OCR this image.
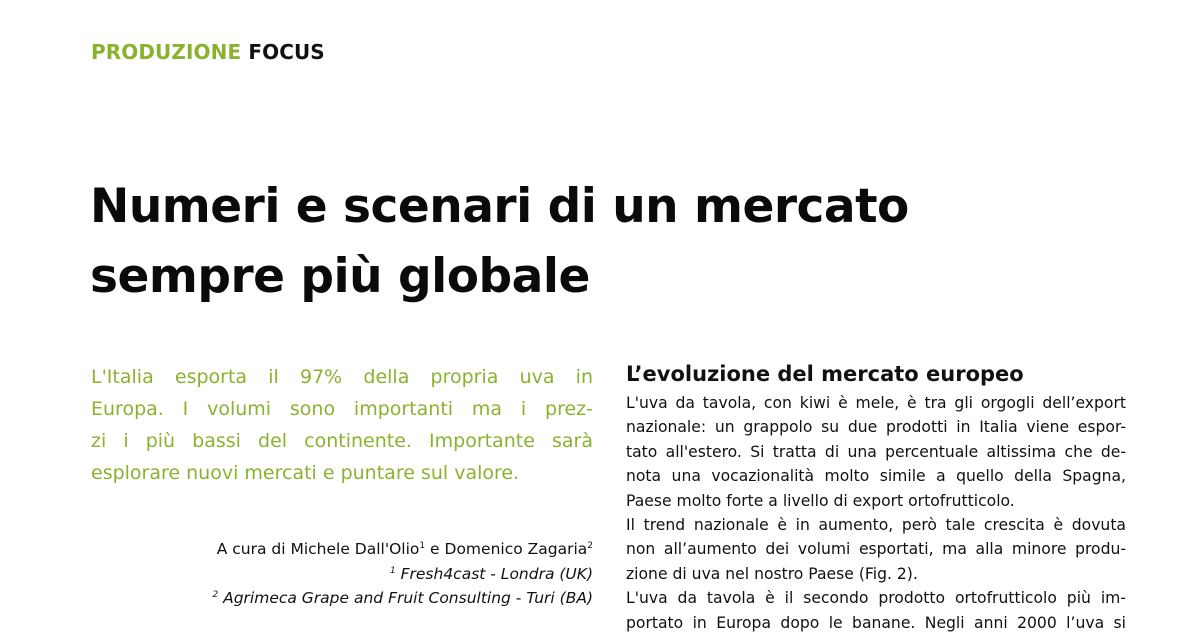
PRODUZIONE FOCUS
Numeri e scenari di un mercato
sempre più globale
L'Italia esporta il 97% della propria uva in
Europa. I volumi sono importanti ma i prez-
zi i più bassi del continente. Importante sarà
esplorare nuovi mercati e puntare sul valore.
A cura di Michele Dall'Olio$^1$ e Domenico Zagaria$^2$
$^1$ Fresh4cast - Londra (UK)
$^2$ Agrimeca Grape and Fruit Consulting - Turi (BA)
L’evoluzione del mercato europeo
L'uva da tavola, con kiwi è mele, è tra gli orgogli dell’export
nazionale: un grappolo su due prodotti in Italia viene espor-
tato all'estero. Si tratta di una percentuale altissima che de-
nota una vocazionalità molto simile a quello della Spagna,
Paese molto forte a livello di export ortofrutticolo.
Il trend nazionale è in aumento, però tale crescita è dovuta
non all’aumento dei volumi esportati, ma alla minore produ-
zione di uva nel nostro Paese (Fig. 2).
L'uva da tavola è il secondo prodotto ortofrutticolo più im-
portato in Europa dopo le banane. Negli anni 2000 l’uva si
